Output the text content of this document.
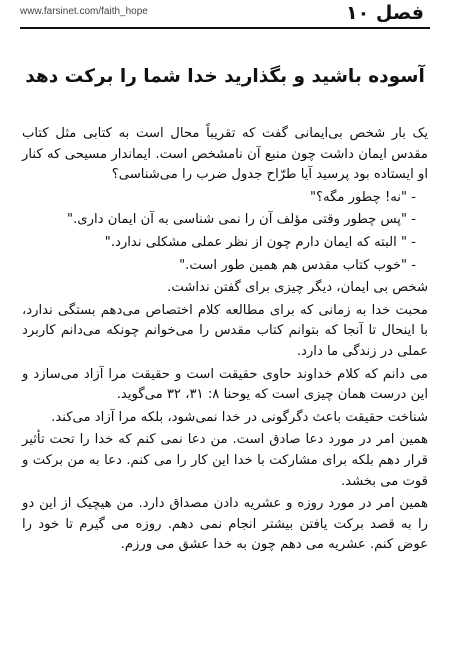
www.farsinet.com/faith_hope	فصل ۱۰
آسوده باشید و بگذارید خدا شما را برکت دهد

یک بار شخص بی‌ایمانی گفت که تقریباً محال است به کتابی مثل کتاب مقدس ایمان داشت چون منبع آن نامشخص است. ایماندار مسیحی که کنار او ایستاده بود پرسید آیا طرّاح جدول ضرب را می‌شناسی؟

- "نه! چطور مگه؟"

- "پس چطور وقتی مؤلف آن را نمی شناسی به آن ایمان داری."

- " البته که ایمان دارم چون از نظر عملی مشکلی ندارد."

- "خوب کتاب مقدس هم همین طور است."

شخص بی ایمان، دیگر چیزی برای گفتن نداشت.

محبت خدا به زمانی که برای مطالعه کلام اختصاص می‌دهم بستگی ندارد، با اینحال تا آنجا که بتوانم کتاب مقدس را می‌خوانم چونکه می‌دانم کاربرد عملی در زندگی ما دارد.

می دانم که کلام خداوند حاوی حقیقت است و حقیقت مرا آزاد می‌سازد و این درست همان چیزی است که یوحنا ۸: ۳۱، ۳۲ می‌گوید.

شناخت حقیقت باعث دگرگونی در خدا نمی‌شود، بلکه مرا آزاد می‌کند.

همین امر در مورد دعا صادق است. من دعا نمی کنم که خدا را تحت تأثیر قرار دهم بلکه برای مشارکت با خدا این کار را می کنم. دعا به من برکت و قوت می بخشد.

همین امر در مورد روزه و عشریه دادن مصداق دارد. من هیچیک از این دو را به قصد برکت یافتن بیشتر انجام نمی دهم. روزه می گیرم تا خود را عوض کنم. عشریه می دهم چون به خدا عشق می ورزم.
